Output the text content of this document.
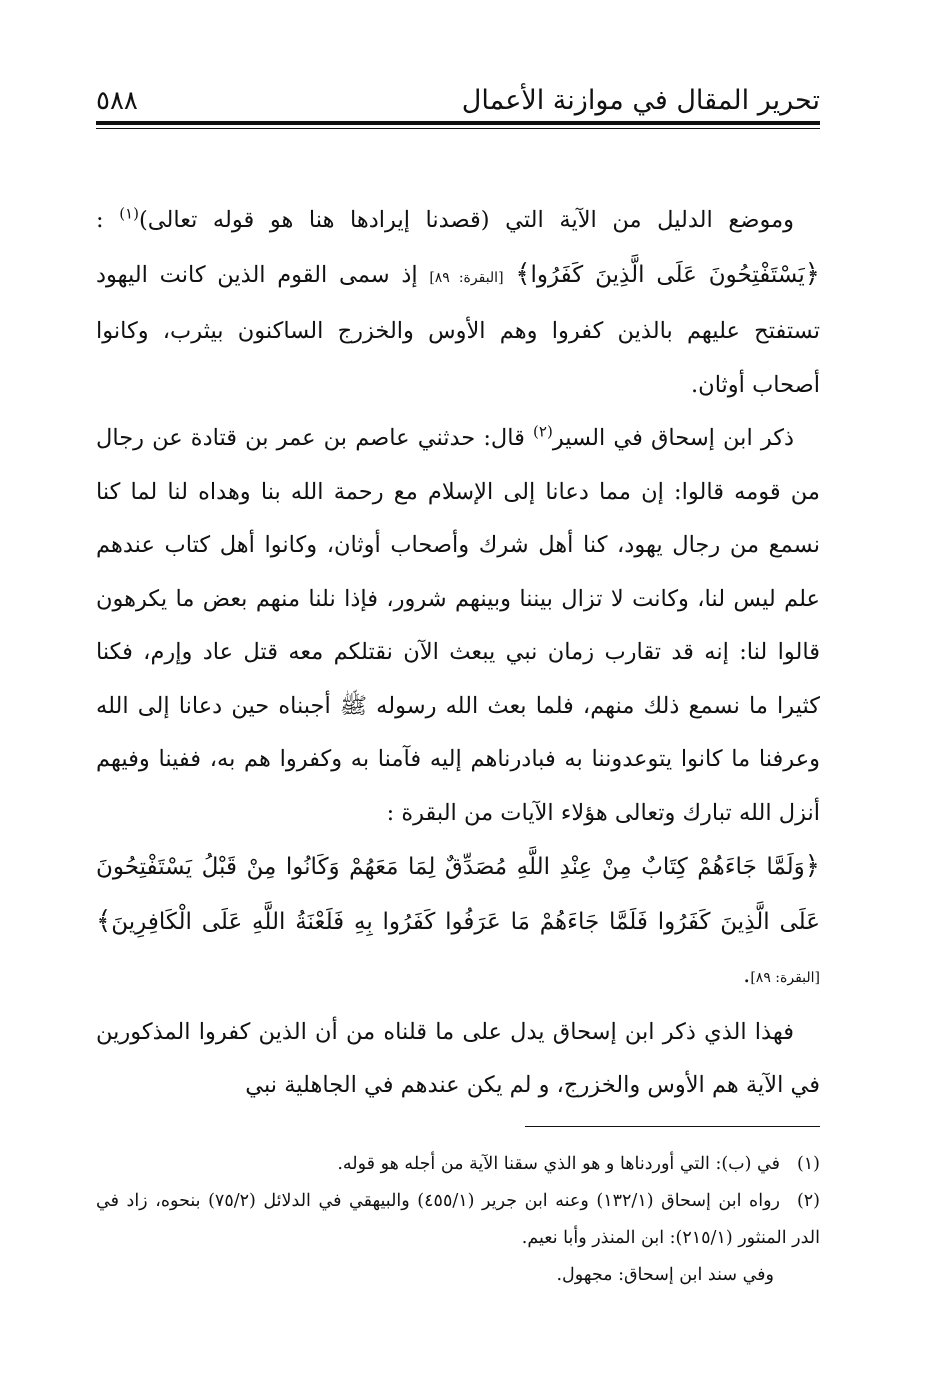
تحرير المقال في موازنة الأعمال
٥٨٨

وموضع الدليل من الآية التي (قصدنا إيرادها هنا هو قوله تعالى)$^{(١)}$ : ﴿يَسْتَفْتِحُونَ عَلَى الَّذِينَ كَفَرُوا﴾ [البقرة: ٨٩] إذ سمى القوم الذين كانت اليهود تستفتح عليهم بالذين كفروا وهم الأوس والخزرج الساكنون بيثرب، وكانوا أصحاب أوثان.

ذكر ابن إسحاق في السير$^{(٢)}$ قال: حدثني عاصم بن عمر بن قتادة عن رجال من قومه قالوا: إن مما دعانا إلى الإسلام مع رحمة الله بنا وهداه لنا لما كنا نسمع من رجال يهود، كنا أهل شرك وأصحاب أوثان، وكانوا أهل كتاب عندهم علم ليس لنا، وكانت لا تزال بيننا وبينهم شرور، فإذا نلنا منهم بعض ما يكرهون قالوا لنا: إنه قد تقارب زمان نبي يبعث الآن نقتلكم معه قتل عاد وإرم، فكنا كثيرا ما نسمع ذلك منهم، فلما بعث الله رسوله ﷺ أجبناه حين دعانا إلى الله وعرفنا ما كانوا يتوعدوننا به فبادرناهم إليه فآمنا به وكفروا هم به، ففينا وفيهم أنزل الله تبارك وتعالى هؤلاء الآيات من البقرة :

﴿وَلَمَّا جَاءَهُمْ كِتَابٌ مِنْ عِنْدِ اللَّهِ مُصَدِّقٌ لِمَا مَعَهُمْ وَكَانُوا مِنْ قَبْلُ يَسْتَفْتِحُونَ عَلَى الَّذِينَ كَفَرُوا فَلَمَّا جَاءَهُمْ مَا عَرَفُوا كَفَرُوا بِهِ فَلَعْنَةُ اللَّهِ عَلَى الْكَافِرِينَ﴾ [البقرة: ٨٩].

فهذا الذي ذكر ابن إسحاق يدل على ما قلناه من أن الذين كفروا المذكورين في الآية هم الأوس والخزرج، و لم يكن عندهم في الجاهلية نبي

(١)في (ب): التي أوردناها و هو الذي سقنا الآية من أجله هو قوله.

(٢)رواه ابن إسحاق (١٣٢/١) وعنه ابن جرير (٤٥٥/١) والبيهقي في الدلائل (٧٥/٢) بنحوه، زاد في الدر المنثور (٢١٥/١): ابن المنذر وأبا نعيم.

وفي سند ابن إسحاق: مجهول.
